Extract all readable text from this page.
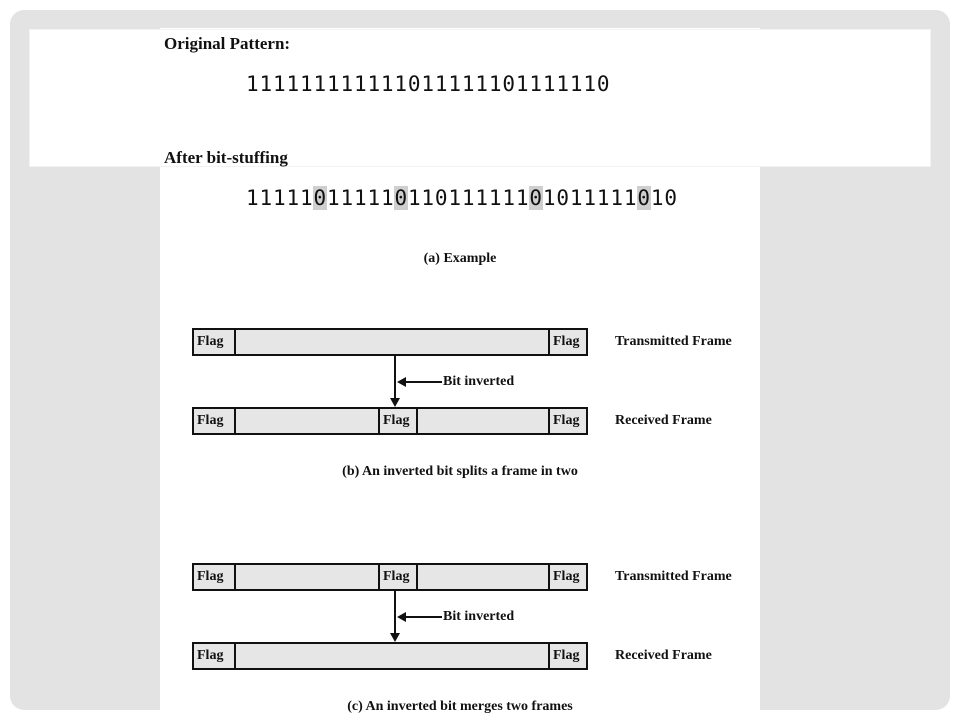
Original Pattern:
111111111111011111101111110
After bit-stuffing
11111011111011011111101011111010
(a) Example
Flag	Flag	Transmitted Frame
Bit inverted
Flag	Flag	Flag	Received Frame
(b) An inverted bit splits a frame in two
Flag	Flag	Flag	Transmitted Frame
Bit inverted
Flag	Flag	Received Frame
(c) An inverted bit merges two frames
